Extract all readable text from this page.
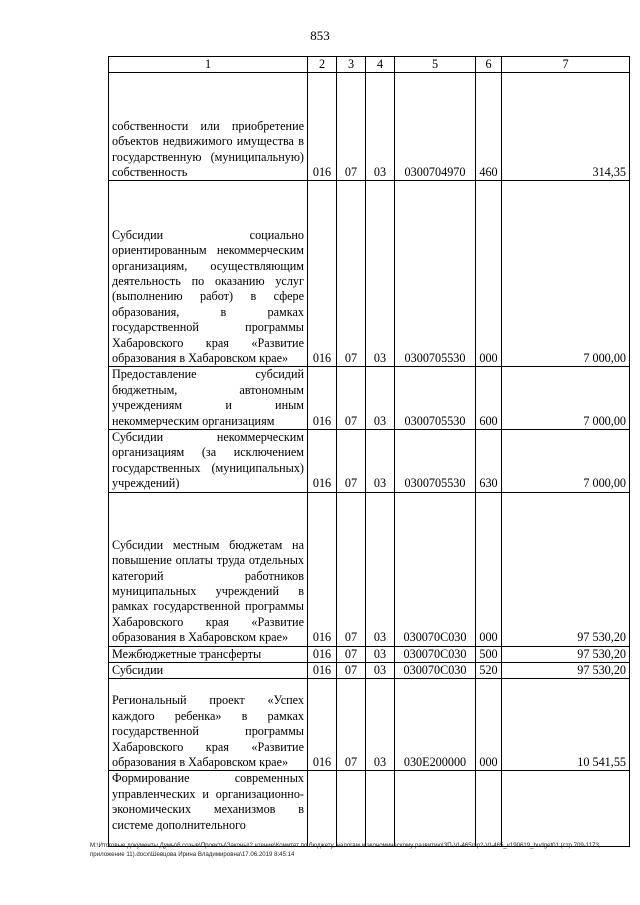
853
1	2	3	4	5	6	7
собственности или приобретение объектов недвижимого имущества в государственную (муниципальную) собственность	016	07	03	0300704970	460	314,35
Субсидии социально ориентированным некоммерческим организациям, осуществляющим деятельность по оказанию услуг (выполнению работ) в сфере образования, в рамках государственной программы Хабаровского края «Развитие образования в Хабаровском крае»	016	07	03	0300705530	000	7 000,00
Предоставление субсидий бюджетным, автономным учреждениям и иным некоммерческим организациям	016	07	03	0300705530	600	7 000,00
Субсидии некоммерческим организациям (за исключением государственных (муниципальных) учреждений)	016	07	03	0300705530	630	7 000,00
Субсидии местным бюджетам на повышение оплаты труда отдельных категорий работников муниципальных учреждений в рамках государственной программы Хабаровского края «Развитие образования в Хабаровском крае»	016	07	03	030070С030	000	97 530,20
Межбюджетные трансферты	016	07	03	030070С030	500	97 530,20
Субсидии	016	07	03	030070С030	520	97 530,20
Региональный проект «Успех каждого ребенка» в рамках государственной программы Хабаровского края «Развитие образования в Хабаровском крае»	016	07	03	030Е200000	000	10 541,55
Формирование современных управленческих и организационно-экономических механизмов в системе дополнительного						
M:\Итоговые документы Думы\6 созыв\Проекты\Законы\2 чтение\Комитет по бюджету, налогам и экономическому развитию\ЗП-VI-465\пр2-VI-465_v190619_budget01 (стр.709-1173, приложение 11).docx\Шевцова Ирина Владимировна\17.06.2019 8:45:14
